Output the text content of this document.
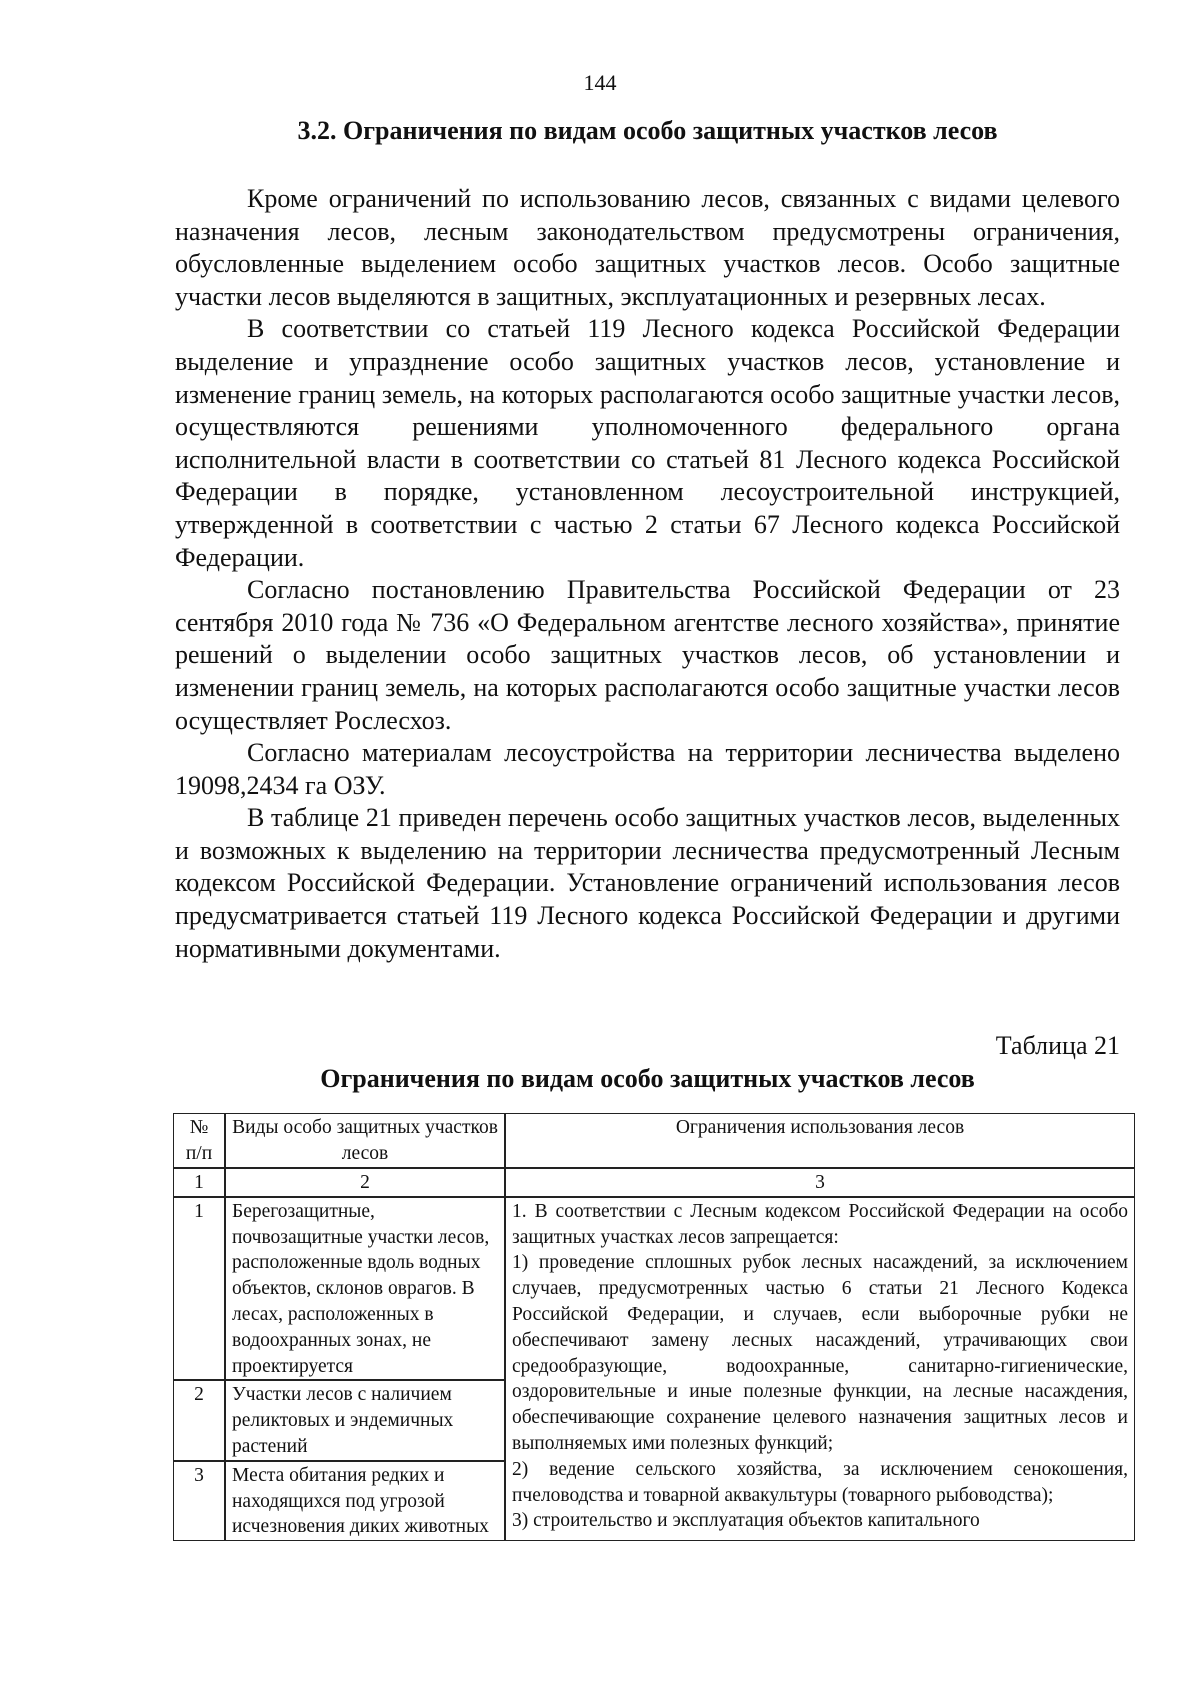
144
3.2. Ограничения по видам особо защитных участков лесов

Кроме ограничений по использованию лесов, связанных с видами целевого назначения лесов, лесным законодательством предусмотрены ограничения, обусловленные выделением особо защитных участков лесов. Особо защитные участки лесов выделяются в защитных, эксплуатационных и резервных лесах.

В соответствии со статьей 119 Лесного кодекса Российской Федерации выделение и упразднение особо защитных участков лесов, установление и изменение границ земель, на которых располагаются особо защитные участки лесов, осуществляются решениями уполномоченного федерального органа исполнительной власти в соответствии со статьей 81 Лесного кодекса Российской Федерации в порядке, установленном лесоустроительной инструкцией, утвержденной в соответствии с частью 2 статьи 67 Лесного кодекса Российской Федерации.

Согласно постановлению Правительства Российской Федерации от 23 сентября 2010 года № 736 «О Федеральном агентстве лесного хозяйства», принятие решений о выделении особо защитных участков лесов, об установлении и изменении границ земель, на которых располагаются особо защитные участки лесов осуществляет Рослесхоз.

Согласно материалам лесоустройства на территории лесничества выделено 19098,2434 га ОЗУ.

В таблице 21 приведен перечень особо защитных участков лесов, выделенных и возможных к выделению на территории лесничества предусмотренный Лесным кодексом Российской Федерации. Установление ограничений использования лесов предусматривается статьей 119 Лесного кодекса Российской Федерации и другими нормативными документами.

Таблица 21
Ограничения по видам особо защитных участков лесов
№ п/п	Виды особо защитных участков лесов	Ограничения использования лесов
1	2	3
1	Берегозащитные, почвозащитные участки лесов, расположенные вдоль водных объектов, склонов оврагов. В лесах, расположенных в водоохранных зонах, не проектируется	1. В соответствии с Лесным кодексом Российской Федерации на особо защитных участках лесов запрещается:
1) проведение сплошных рубок лесных насаждений, за исключением случаев, предусмотренных частью 6 статьи 21 Лесного Кодекса Российской Федерации, и случаев, если выборочные рубки не обеспечивают замену лесных насаждений, утрачивающих свои средообразующие, водоохранные, санитарно-гигиенические, оздоровительные и иные полезные функции, на лесные насаждения, обеспечивающие сохранение целевого назначения защитных лесов и выполняемых ими полезных функций;
2) ведение сельского хозяйства, за исключением сенокошения, пчеловодства и товарной аквакультуры (товарного рыбоводства);
3) строительство и эксплуатация объектов капитального

2	Участки лесов с наличием реликтовых и эндемичных растений	
3	Места обитания редких и находящихся под угрозой исчезновения диких животных	
